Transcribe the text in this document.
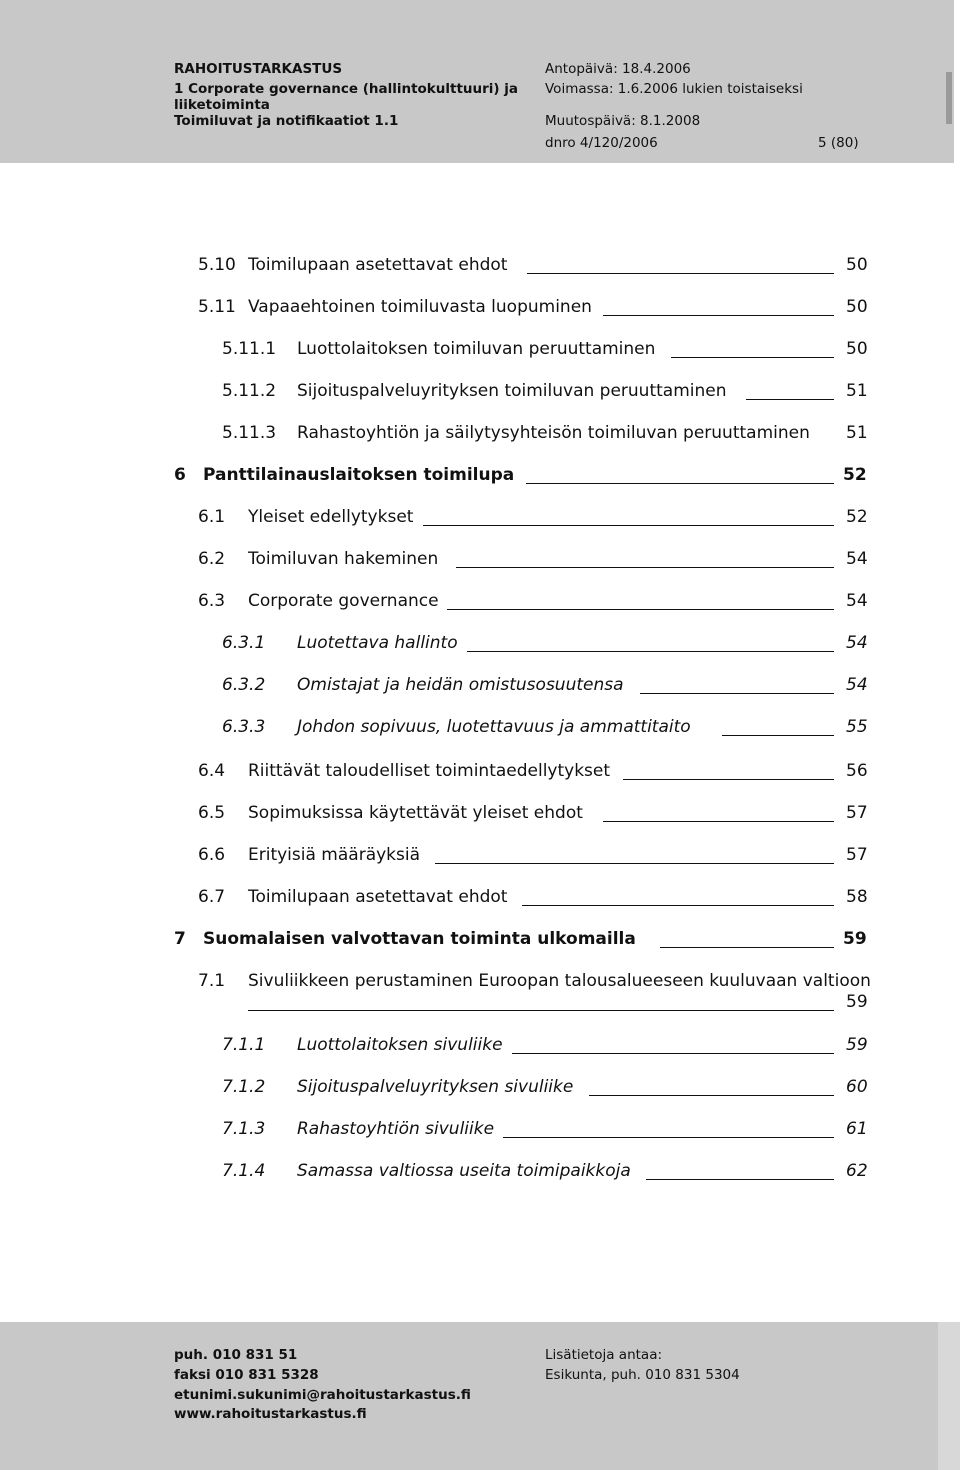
RAHOITUSTARKASTUS
1 Corporate governance (hallintokulttuuri) ja
liiketoiminta
Toimiluvat ja notifikaatiot 1.1
Antopäivä: 18.4.2006
Voimassa: 1.6.2006 lukien toistaiseksi
Muutospäivä: 8.1.2008
dnro 4/120/2006	5 (80)
5.10 Toimilupaan asetettavat ehdot	50
5.11 Vapaaehtoinen toimiluvasta luopuminen	50
5.11.1 Luottolaitoksen toimiluvan peruuttaminen	50
5.11.2 Sijoituspalveluyrityksen toimiluvan peruuttaminen	51
5.11.3 Rahastoyhtiön ja säilytysyhteisön toimiluvan peruuttaminen 51
6 Panttilainauslaitoksen toimilupa	52
6.1 Yleiset edellytykset	52
6.2 Toimiluvan hakeminen	54
6.3 Corporate governance	54
6.3.1 Luotettava hallinto	54
6.3.2 Omistajat ja heidän omistusosuutensa	54
6.3.3 Johdon sopivuus, luotettavuus ja ammattitaito	55
6.4 Riittävät taloudelliset toimintaedellytykset	56
6.5 Sopimuksissa käytettävät yleiset ehdot	57
6.6 Erityisiä määräyksiä	57
6.7 Toimilupaan asetettavat ehdot	58
7 Suomalaisen valvottavan toiminta ulkomailla	59
7.1 Sivuliikkeen perustaminen Euroopan talousalueeseen kuuluvaan valtioon
59
7.1.1 Luottolaitoksen sivuliike	59
7.1.2 Sijoituspalveluyrityksen sivuliike	60
7.1.3 Rahastoyhtiön sivuliike	61
7.1.4 Samassa valtiossa useita toimipaikkoja	62
puh. 010 831 51
faksi 010 831 5328
etunimi.sukunimi@rahoitustarkastus.fi
www.rahoitustarkastus.fi
Lisätietoja antaa:
Esikunta, puh. 010 831 5304
